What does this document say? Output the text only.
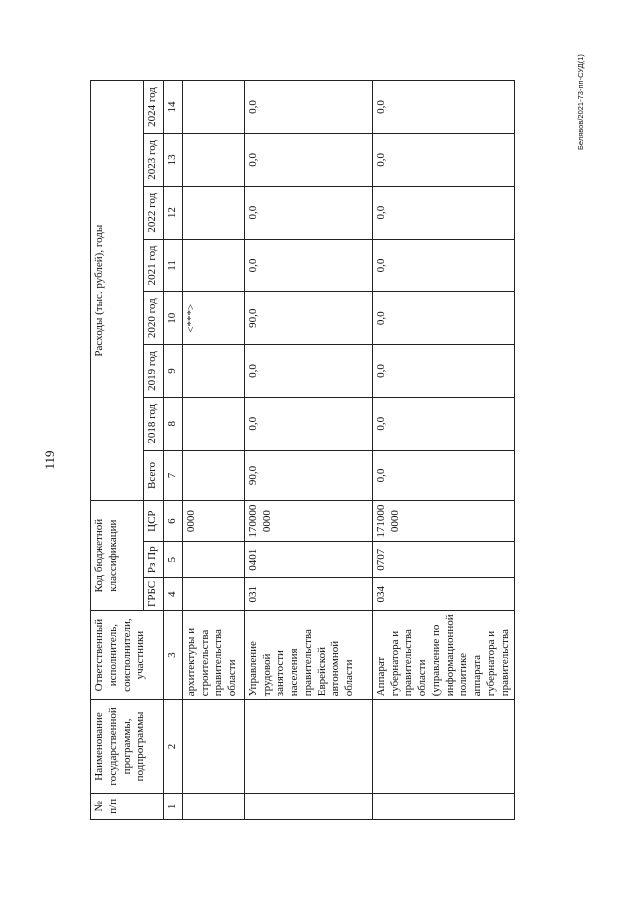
119
Белявов/2021-73-пп-СУД(1)
№ п/п	Наименование государственной программы, подпрограммы	Ответственный исполнитель, соисполнители, участники	Код бюджетной классификации			Расходы (тыс. рублей), годы							
			ГРБС	Рз Пр	ЦСР	Всего	2018 год	2019 год	2020 год	2021 год	2022 год	2023 год	2024 год

1	2	3	4	5	6	7	8	9	10	11	12	13	14
		архитектуры и строительства правительства области			0000				<***>				
		Управление трудовой занятости населения правительства Еврейской автономной области	031	0401	170000 0000	90,0	0,0	0,0	90,0	0,0	0,0	0,0	0,0
		Аппарат губернатора и правительства области (управление по информационной политике аппарата губернатора и правительства	034	0707	171000 0000	0,0	0,0	0,0	0,0	0,0	0,0	0,0	0,0
